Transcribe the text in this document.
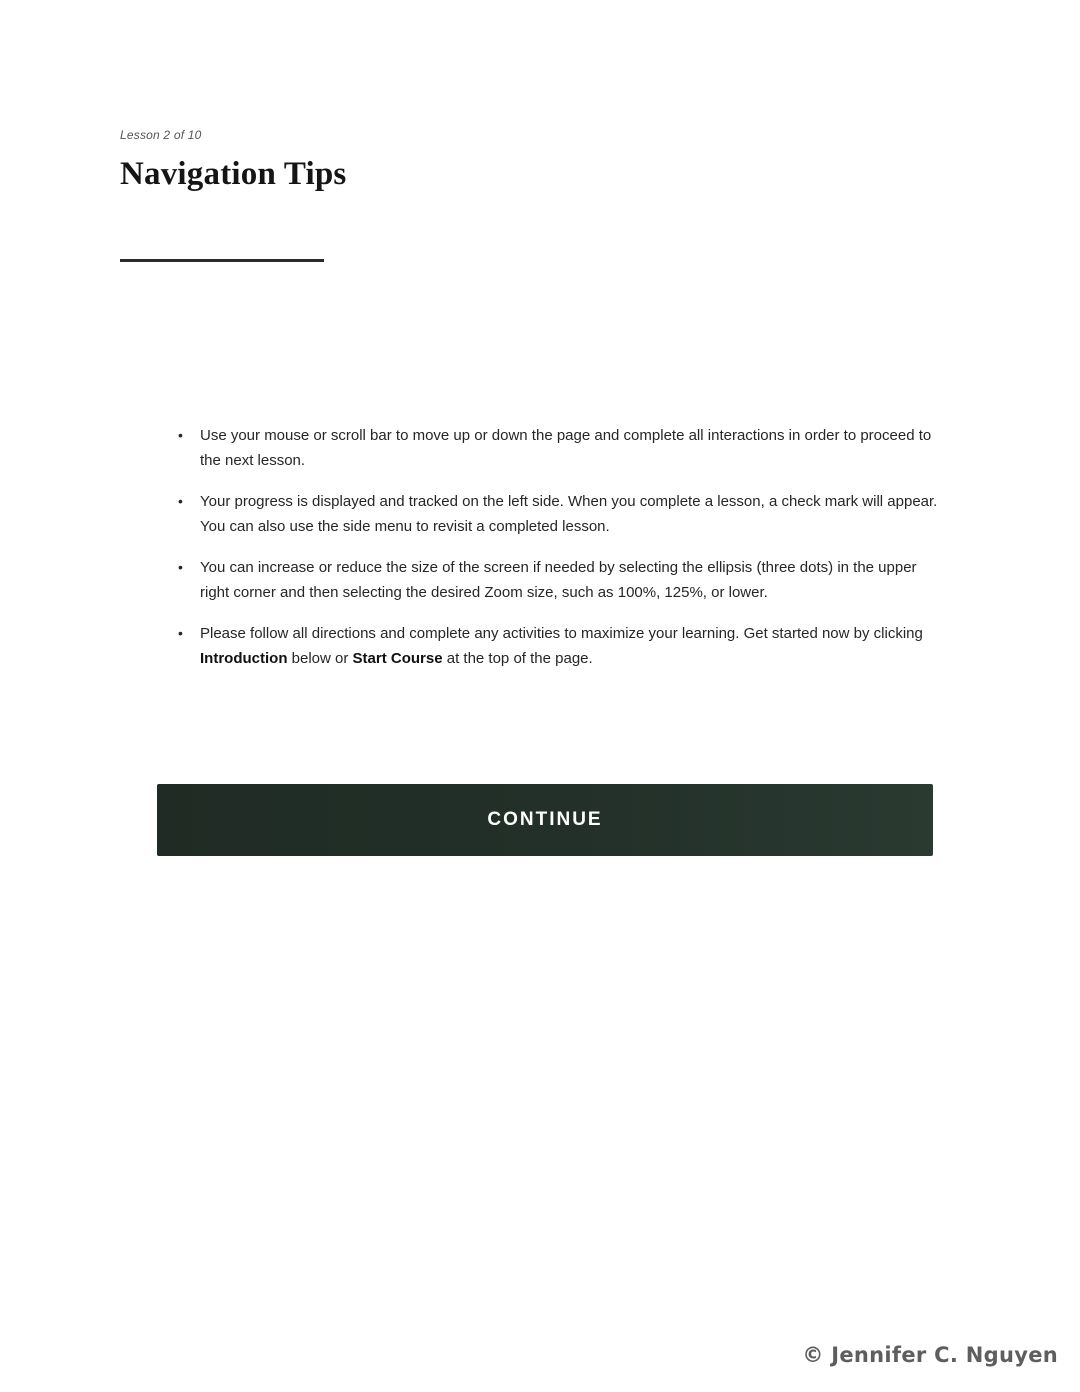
Lesson 2 of 10

Navigation Tips
• Use your mouse or scroll bar to move up or down the page and complete all interactions in order to proceed to the next lesson.
• Your progress is displayed and tracked on the left side. When you complete a lesson, a check mark will appear. You can also use the side menu to revisit a completed lesson.
• You can increase or reduce the size of the screen if needed by selecting the ellipsis (three dots) in the upper right corner and then selecting the desired Zoom size, such as 100%, 125%, or lower.
• Please follow all directions and complete any activities to maximize your learning. Get started now by clicking Introduction below or Start Course at the top of the page.
CONTINUE
© Jennifer C. Nguyen
